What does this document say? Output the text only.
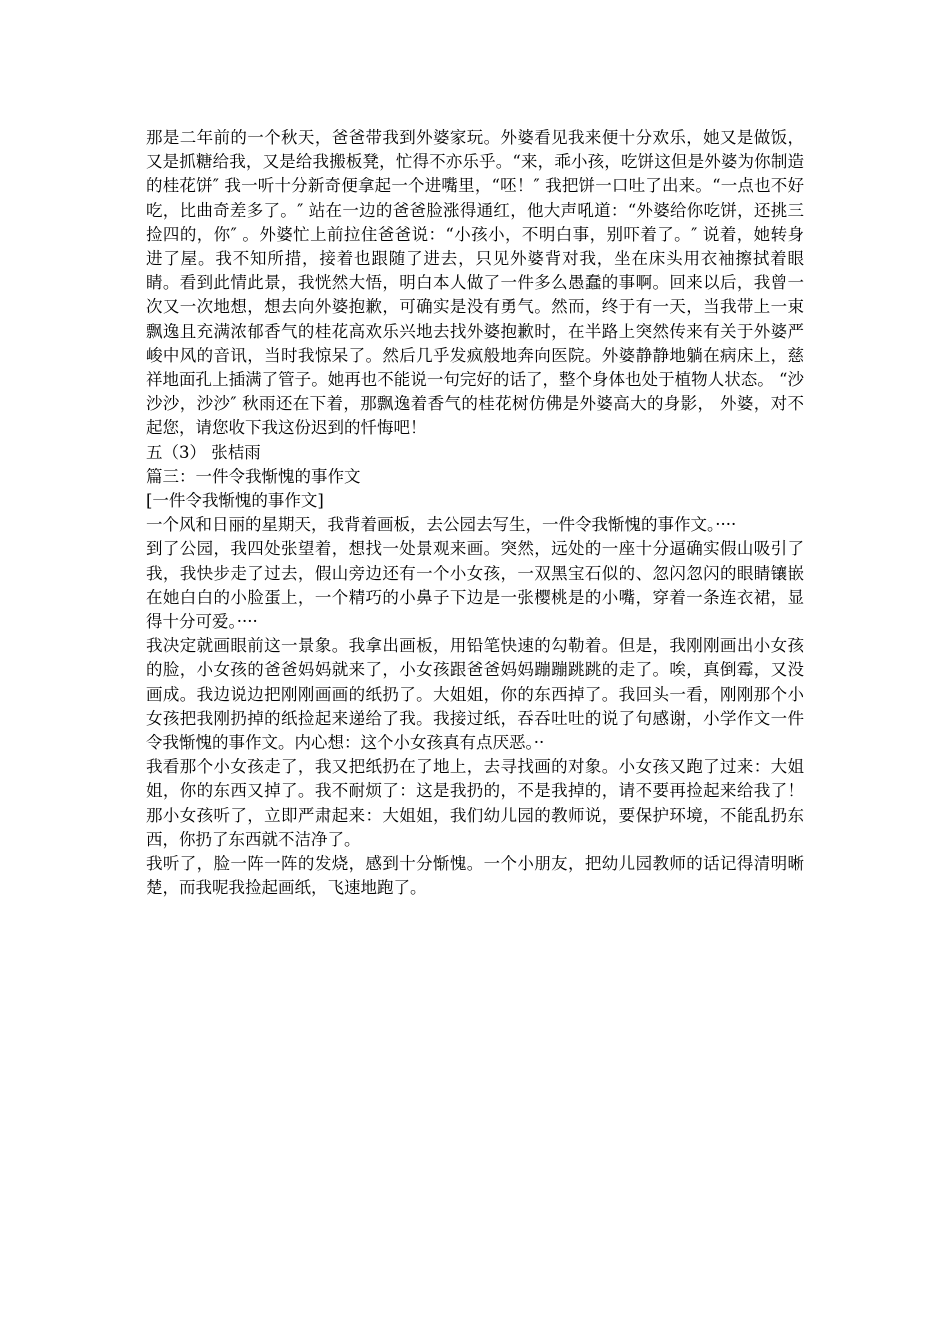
那是二年前的一个秋天，爸爸带我到外婆家玩。外婆看见我来便十分欢乐，她又是做饭，又是抓糖给我，又是给我搬板凳，忙得不亦乐乎。“来，乖小孩，吃饼这但是外婆为你制造的桂花饼″ 我一听十分新奇便拿起一个进嘴里，“呸！″ 我把饼一口吐了出来。“一点也不好吃，比曲奇差多了。″ 站在一边的爸爸脸涨得通红，他大声吼道：“外婆给你吃饼，还挑三捡四的，你″ 。外婆忙上前拉住爸爸说：“小孩小，不明白事，别吓着了。″ 说着，她转身进了屋。我不知所措，接着也跟随了进去，只见外婆背对我，坐在床头用衣袖擦拭着眼睛。看到此情此景，我恍然大悟，明白本人做了一件多么愚蠢的事啊。回来以后，我曾一次又一次地想，想去向外婆抱歉，可确实是没有勇气。然而，终于有一天，当我带上一束飘逸且充满浓郁香气的桂花高欢乐兴地去找外婆抱歉时，在半路上突然传来有关于外婆严峻中风的音讯，当时我惊呆了。然后几乎发疯般地奔向医院。外婆静静地躺在病床上，慈祥地面孔上插满了管子。她再也不能说一句完好的话了，整个身体也处于植物人状态。 “沙沙沙，沙沙″ 秋雨还在下着，那飘逸着香气的桂花树仿佛是外婆高大的身影， 外婆，对不起您，请您收下我这份迟到的忏悔吧！

五（3） 张桔雨

篇三：一件令我惭愧的事作文

[一件令我惭愧的事作文]

一个风和日丽的星期天，我背着画板，去公园去写生，一件令我惭愧的事作文。····

到了公园，我四处张望着，想找一处景观来画。突然，远处的一座十分逼确实假山吸引了我，我快步走了过去，假山旁边还有一个小女孩，一双黑宝石似的、忽闪忽闪的眼睛镶嵌在她白白的小脸蛋上，一个精巧的小鼻子下边是一张樱桃是的小嘴，穿着一条连衣裙，显得十分可爱。····

我决定就画眼前这一景象。我拿出画板，用铅笔快速的勾勒着。但是，我刚刚画出小女孩的脸，小女孩的爸爸妈妈就来了，小女孩跟爸爸妈妈蹦蹦跳跳的走了。唉，真倒霉，又没画成。我边说边把刚刚画画的纸扔了。大姐姐，你的东西掉了。我回头一看，刚刚那个小女孩把我刚扔掉的纸捡起来递给了我。我接过纸，吞吞吐吐的说了句感谢，小学作文一件令我惭愧的事作文。内心想：这个小女孩真有点厌恶。··

我看那个小女孩走了，我又把纸扔在了地上，去寻找画的对象。小女孩又跑了过来：大姐姐，你的东西又掉了。我不耐烦了：这是我扔的，不是我掉的，请不要再捡起来给我了！那小女孩听了，立即严肃起来：大姐姐，我们幼儿园的教师说，要保护环境，不能乱扔东西，你扔了东西就不洁净了。

我听了，脸一阵一阵的发烧，感到十分惭愧。一个小朋友，把幼儿园教师的话记得清明晰楚，而我呢我捡起画纸，飞速地跑了。
